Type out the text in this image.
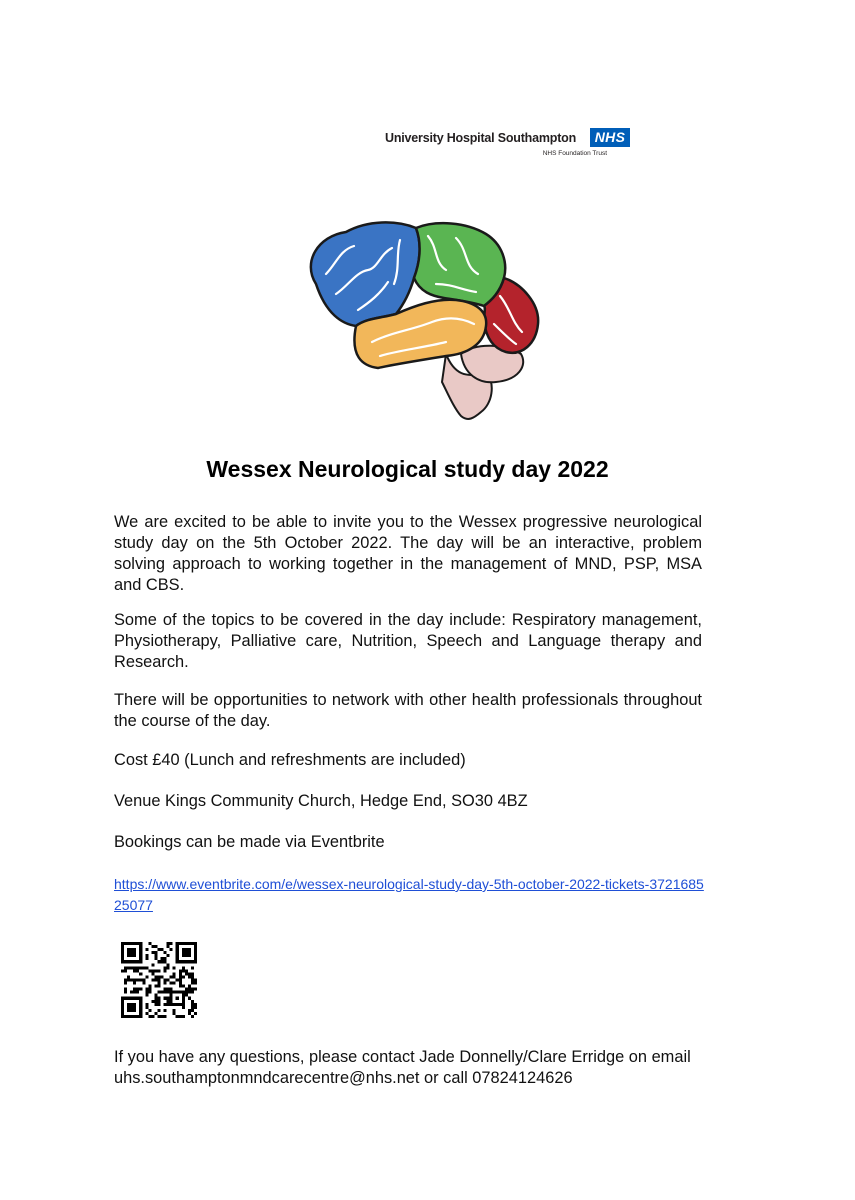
University Hospital Southampton	NHS
NHS Foundation Trust
Wessex Neurological study day 2022
We are excited to be able to invite you to the Wessex progressive neurological study day on the 5th October 2022. The day will be an interactive, problem solving approach to working together in the management of MND, PSP, MSA and CBS.
Some of the topics to be covered in the day include: Respiratory management, Physiotherapy, Palliative care, Nutrition, Speech and Language therapy and Research.
There will be opportunities to network with other health professionals throughout the course of the day.
Cost £40 (Lunch and refreshments are included)
Venue Kings Community Church, Hedge End, SO30 4BZ
Bookings can be made via Eventbrite
https://www.eventbrite.com/e/wessex-neurological-study-day-5th-october-2022-tickets-372168525077
If you have any questions, please contact Jade Donnelly/Clare Erridge on email uhs.southamptonmndcarecentre@nhs.net or call 07824124626
